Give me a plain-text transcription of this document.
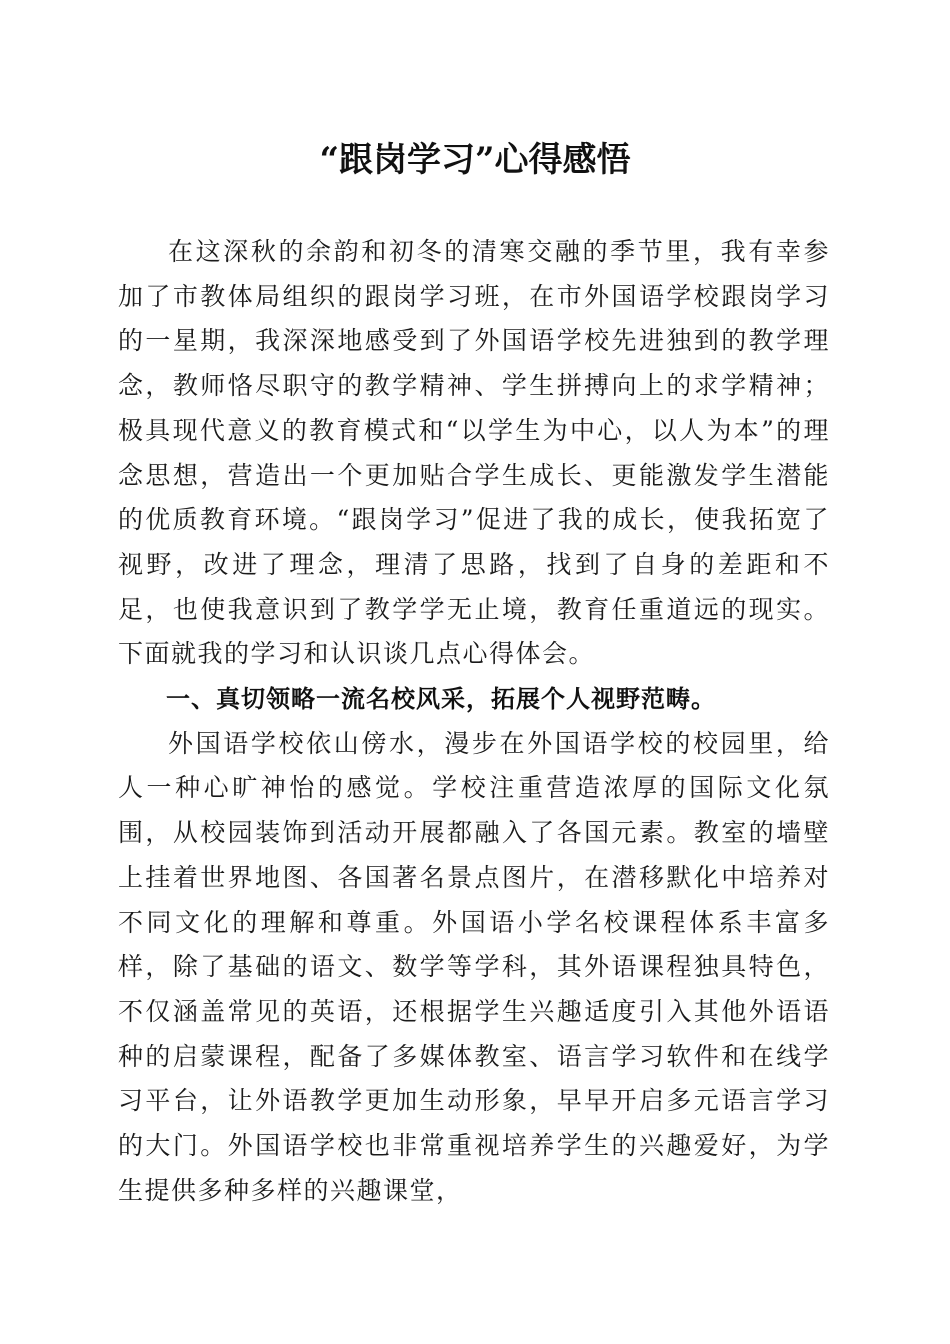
“跟岗学习”心得感悟

在这深秋的余韵和初冬的清寒交融的季节里，我有幸参加了市教体局组织的跟岗学习班，在市外国语学校跟岗学习的一星期，我深深地感受到了外国语学校先进独到的教学理念，教师恪尽职守的教学精神、学生拼搏向上的求学精神；极具现代意义的教育模式和“以学生为中心，以人为本”的理念思想，营造出一个更加贴合学生成长、更能激发学生潜能的优质教育环境。“跟岗学习”促进了我的成长，使我拓宽了视野，改进了理念，理清了思路，找到了自身的差距和不足，也使我意识到了教学学无止境，教育任重道远的现实。下面就我的学习和认识谈几点心得体会。

一、真切领略一流名校风采，拓展个人视野范畴。

外国语学校依山傍水，漫步在外国语学校的校园里，给人一种心旷神怡的感觉。学校注重营造浓厚的国际文化氛围，从校园装饰到活动开展都融入了各国元素。教室的墙壁上挂着世界地图、各国著名景点图片，在潜移默化中培养对不同文化的理解和尊重。外国语小学名校课程体系丰富多样，除了基础的语文、数学等学科，其外语课程独具特色，不仅涵盖常见的英语，还根据学生兴趣适度引入其他外语语种的启蒙课程，配备了多媒体教室、语言学习软件和在线学习平台，让外语教学更加生动形象，早早开启多元语言学习的大门。外国语学校也非常重视培养学生的兴趣爱好，为学生提供多种多样的兴趣课堂，
